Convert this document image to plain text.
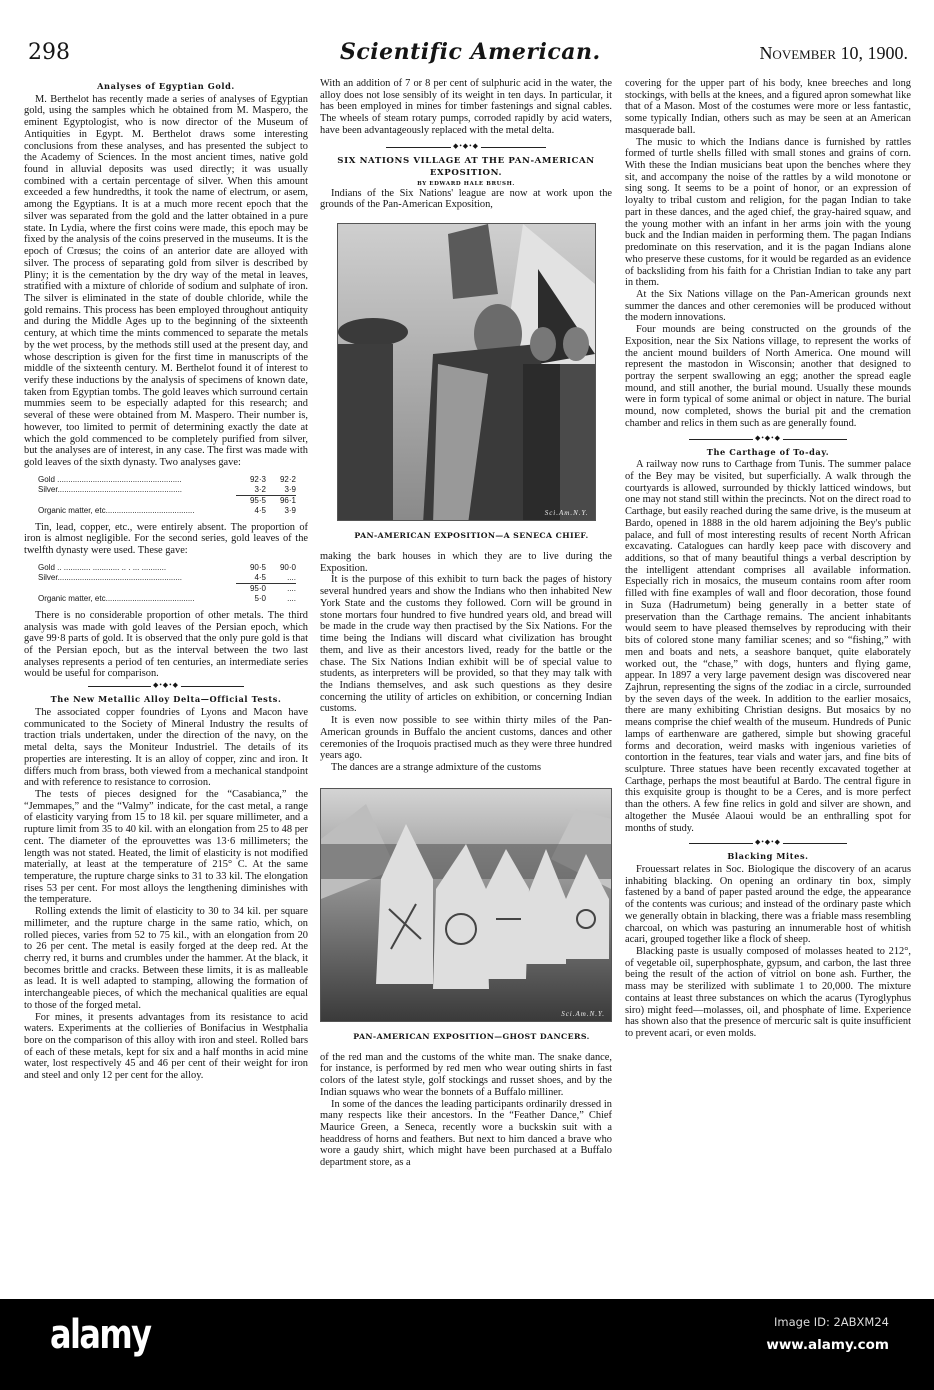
298	Scientific American.	November 10, 1900.

Analyses of Egyptian Gold.

M. Berthelot has recently made a series of analyses of Egyptian gold, using the samples which he obtained from M. Maspero, the eminent Egyptologist, who is now director of the Museum of Antiquities in Egypt. M. Berthelot draws some interesting conclusions from these analyses, and has presented the subject to the Academy of Sciences. In the most ancient times, native gold found in alluvial deposits was used directly; it was usually combined with a certain percentage of silver. When this amount exceeded a few hundredths, it took the name of electrum, or asem, among the Egyptians. It is at a much more recent epoch that the silver was separated from the gold and the latter obtained in a pure state. In Lydia, where the first coins were made, this epoch may be fixed by the analysis of the coins preserved in the museums. It is the epoch of Crœsus; the coins of an anterior date are alloyed with silver. The process of separating gold from silver is described by Pliny; it is the cementation by the dry way of the metal in leaves, stratified with a mixture of chloride of sodium and sulphate of iron. The silver is eliminated in the state of double chloride, while the gold remains. This process has been employed throughout antiquity and during the Middle Ages up to the beginning of the sixteenth century, at which time the mints commenced to separate the metals by the wet process, by the methods still used at the present day, and whose description is given for the first time in manuscripts of the middle of the sixteenth century. M. Berthelot found it of interest to verify these inductions by the analysis of specimens of known date, taken from Egyptian tombs. The gold leaves which surround certain mummies seem to be especially adapted for this research; and several of these were obtained from M. Maspero. Their number is, however, too limited to permit of determining exactly the date at which the gold commenced to be completely purified from silver, but the analyses are of interest, in any case. The first was made with gold leaves of the sixth dynasty. Two analyses gave:

Gold ........................................................	92·3	92·2
Silver........................................................	3·2	3·9
	95·5	96·1
Organic matter, etc........................................	4·5	3·9

Tin, lead, copper, etc., were entirely absent. The proportion of iron is almost negligible. For the second series, gold leaves of the twelfth dynasty were used. These gave:

Gold .. ............ ............ .. . ... ...........	90·5	90·0
Silver........................................................	4·5	....
	95·0	....
Organic matter, etc........................................	5·0	....

There is no considerable proportion of other metals. The third analysis was made with gold leaves of the Persian epoch, which gave 99·8 parts of gold. It is observed that the only pure gold is that of the Persian epoch, but as the interval between the two last analyses represents a period of ten centuries, an intermediate series would be useful for comparison.

◆•◆•◆

The New Metallic Alloy Delta—Official Tests.

The associated copper foundries of Lyons and Macon have communicated to the Society of Mineral Industry the results of traction trials undertaken, under the direction of the navy, on the metal delta, says the Moniteur Industriel. The details of its properties are interesting. It is an alloy of copper, zinc and iron. It differs much from brass, both viewed from a mechanical standpoint and with reference to resistance to corrosion.

The tests of pieces designed for the “Casabianca,” the “Jemmapes,” and the “Valmy” indicate, for the cast metal, a range of elasticity varying from 15 to 18 kil. per square millimeter, and a rupture limit from 35 to 40 kil. with an elongation from 25 to 48 per cent. The diameter of the eprouvettes was 13·6 millimeters; the length was not stated. Heated, the limit of elasticity is not modified materially, at least at the temperature of 215° C. At the same temperature, the rupture charge sinks to 31 to 33 kil. The elongation rises 53 per cent. For most alloys the lengthening diminishes with the temperature.

Rolling extends the limit of elasticity to 30 to 34 kil. per square millimeter, and the rupture charge in the same ratio, which, on rolled pieces, varies from 52 to 75 kil., with an elongation from 20 to 26 per cent. The metal is easily forged at the deep red. At the cherry red, it burns and crumbles under the hammer. At the black, it becomes brittle and cracks. Between these limits, it is as malleable as lead. It is well adapted to stamping, allowing the formation of interchangeable pieces, of which the mechanical qualities are equal to those of the forged metal.

For mines, it presents advantages from its resistance to acid waters. Experiments at the collieries of Bonifacius in Westphalia bore on the comparison of this alloy with iron and steel. Rolled bars of each of these metals, kept for six and a half months in acid mine water, lost respectively 45 and 46 per cent of their weight for iron and steel and only 12 per cent for the alloy.

With an addition of 7 or 8 per cent of sulphuric acid in the water, the alloy does not lose sensibly of its weight in ten days. In particular, it has been employed in mines for timber fastenings and signal cables. The wheels of steam rotary pumps, corroded rapidly by acid waters, have been advantageously replaced with the metal delta.

◆•◆•◆

SIX NATIONS VILLAGE AT THE PAN-AMERICAN EXPOSITION.

BY EDWARD HALE BRUSH.

Indians of the Six Nations' league are now at work upon the grounds of the Pan-American Exposition,

Sci.Am.N.Y.

PAN-AMERICAN EXPOSITION—A SENECA CHIEF.

making the bark houses in which they are to live during the Exposition.

It is the purpose of this exhibit to turn back the pages of history several hundred years and show the Indians who then inhabited New York State and the customs they followed. Corn will be ground in stone mortars four hundred to five hundred years old, and bread will be made in the crude way then practised by the Six Nations. For the time being the Indians will discard what civilization has brought them, and live as their ancestors lived, ready for the battle or the chase. The Six Nations Indian exhibit will be of special value to students, as interpreters will be provided, so that they may talk with the Indians themselves, and ask such questions as they desire concerning the utility of articles on exhibition, or concerning Indian customs.

It is even now possible to see within thirty miles of the Pan-American grounds in Buffalo the ancient customs, dances and other ceremonies of the Iroquois practised much as they were three hundred years ago.

The dances are a strange admixture of the customs

Sci.Am.N.Y.

PAN-AMERICAN EXPOSITION—GHOST DANCERS.

of the red man and the customs of the white man. The snake dance, for instance, is performed by red men who wear outing shirts in fast colors of the latest style, golf stockings and russet shoes, and by the Indian squaws who wear the bonnets of a Buffalo milliner.

In some of the dances the leading participants ordinarily dressed in many respects like their ancestors. In the “Feather Dance,” Chief Maurice Green, a Seneca, recently wore a buckskin suit with a headdress of horns and feathers. But next to him danced a brave who wore a gaudy shirt, which might have been purchased at a Buffalo department store, as a

covering for the upper part of his body, knee breeches and long stockings, with bells at the knees, and a figured apron somewhat like that of a Mason. Most of the costumes were more or less fantastic, some typically Indian, others such as may be seen at an American masquerade ball.

The music to which the Indians dance is furnished by rattles formed of turtle shells filled with small stones and grains of corn. With these the Indian musicians beat upon the benches where they sit, and accompany the noise of the rattles by a wild monotone or sing song. It seems to be a point of honor, or an expression of loyalty to tribal custom and religion, for the pagan Indian to take part in these dances, and the aged chief, the gray-haired squaw, and the young mother with an infant in her arms join with the young buck and the Indian maiden in performing them. The pagan Indians predominate on this reservation, and it is the pagan Indians alone who preserve these customs, for it would be regarded as an evidence of backsliding from his faith for a Christian Indian to take any part in them.

At the Six Nations village on the Pan-American grounds next summer the dances and other ceremonies will be produced without the modern innovations.

Four mounds are being constructed on the grounds of the Exposition, near the Six Nations village, to represent the works of the ancient mound builders of North America. One mound will represent the mastodon in Wisconsin; another that designed to portray the serpent swallowing an egg; another the spread eagle mound, and still another, the burial mound. Usually these mounds were in form typical of some animal or object in nature. The burial mound, now completed, shows the burial pit and the cremation chamber and relics in them such as are generally found.

◆•◆•◆

The Carthage of To-day.

A railway now runs to Carthage from Tunis. The summer palace of the Bey may be visited, but superficially. A walk through the courtyards is allowed, surrounded by thickly latticed windows, but one may not stand still within the precincts. Not on the direct road to Carthage, but easily reached during the same drive, is the museum at Bardo, opened in 1888 in the old harem adjoining the Bey's public palace, and full of most interesting results of recent North African excavating. Catalogues can hardly keep pace with discovery and additions, so that of many beautiful things a verbal description by the intelligent attendant comprises all available information. Especially rich in mosaics, the museum contains room after room filled with fine examples of wall and floor decoration, those found in Suza (Hadrumetum) being generally in a better state of preservation than the Carthage remains. The ancient inhabitants would seem to have pleased themselves by reproducing with their bits of colored stone many familiar scenes; and so “fishing,” with men and boats and nets, a seashore banquet, quite elaborately worked out, the “chase,” with dogs, hunters and flying game, appear. In 1897 a very large pavement design was discovered near Zajhrun, representing the signs of the zodiac in a circle, surrounded by the seven days of the week. In addition to the earlier mosaics, there are many exhibiting Christian designs. But mosaics by no means comprise the chief wealth of the museum. Hundreds of Punic lamps of earthenware are gathered, simple but showing graceful forms and decoration, weird masks with ingenious varieties of contortion in the features, tear vials and water jars, and fine bits of sculpture. Three statues have been recently excavated together at Carthage, perhaps the most beautiful at Bardo. The central figure in this exquisite group is thought to be a Ceres, and is more perfect than the others. A few fine relics in gold and silver are shown, and altogether the Musée Alaoui would be an enthralling spot for months of study.

◆•◆•◆

Blacking Mites.

Frouessart relates in Soc. Biologique the discovery of an acarus inhabiting blacking. On opening an ordinary tin box, simply fastened by a band of paper pasted around the edge, the appearance of the contents was curious; and instead of the ordinary paste which we generally obtain in blacking, there was a friable mass resembling charcoal, on which was pasturing an innumerable host of whitish acari, grouped together like a flock of sheep.

Blacking paste is usually composed of molasses heated to 212°, of vegetable oil, superphosphate, gypsum, and carbon, the last three being the result of the action of vitriol on bone ash. Further, the mass may be sterilized with sublimate 1 to 20,000. The mixture contains at least three substances on which the acarus (Tyroglyphus siro) might feed—molasses, oil, and phosphate of lime. Experience has shown also that the presence of mercuric salt is quite insufficient to prevent acari, or even molds.

alamy	Image ID: 2ABXM24
www.alamy.com
